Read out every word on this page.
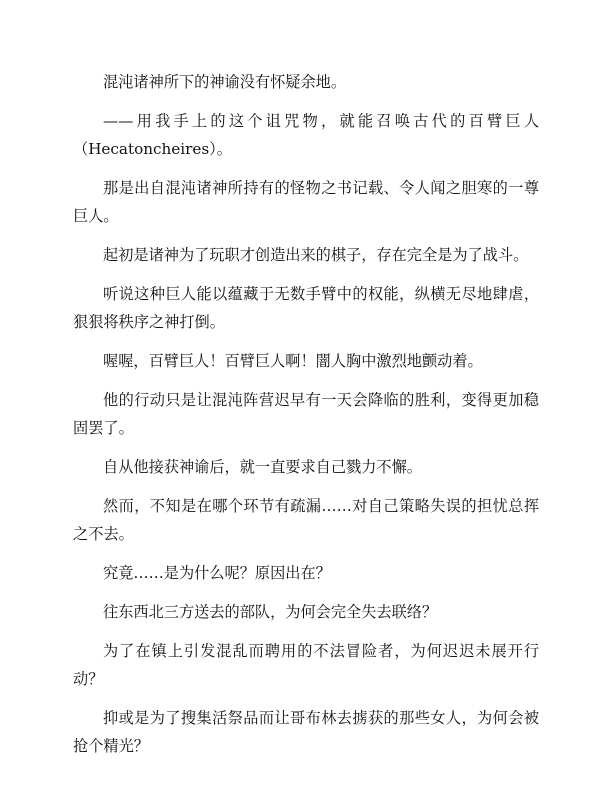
混沌诸神所下的神谕没有怀疑余地。

——用我手上的这个诅咒物，就能召唤古代的百臂巨人（Hecatoncheires）。

那是出自混沌诸神所持有的怪物之书记载、令人闻之胆寒的一尊巨人。

起初是诸神为了玩职才创造出来的棋子，存在完全是为了战斗。

听说这种巨人能以蕴藏于无数手臂中的权能，纵横无尽地肆虐，狠狠将秩序之神打倒。

喔喔，百臂巨人！百臂巨人啊！闇人胸中激烈地颤动着。

他的行动只是让混沌阵营迟早有一天会降临的胜利，变得更加稳固罢了。

自从他接获神谕后，就一直要求自己戮力不懈。

然而，不知是在哪个环节有疏漏……对自己策略失误的担忧总挥之不去。

究竟……是为什么呢？原因出在？

往东西北三方送去的部队，为何会完全失去联络？

为了在镇上引发混乱而聘用的不法冒险者，为何迟迟未展开行动？

抑或是为了搜集活祭品而让哥布林去掳获的那些女人，为何会被抢个精光？
